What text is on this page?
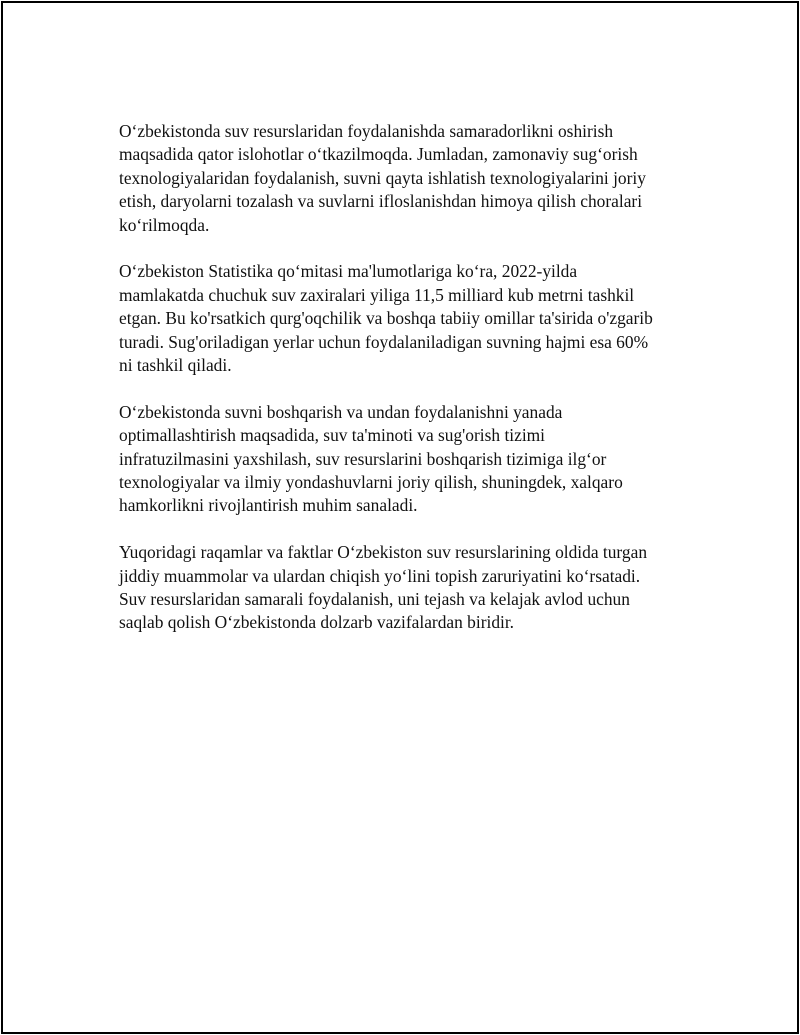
O‘zbekistonda suv resurslaridan foydalanishda samaradorlikni oshirish
maqsadida qator islohotlar o‘tkazilmoqda. Jumladan, zamonaviy sug‘orish
texnologiyalaridan foydalanish, suvni qayta ishlatish texnologiyalarini joriy
etish, daryolarni tozalash va suvlarni ifloslanishdan himoya qilish choralari
ko‘rilmoqda.

O‘zbekiston Statistika qo‘mitasi ma'lumotlariga ko‘ra, 2022-yilda
mamlakatda chuchuk suv zaxiralari yiliga 11,5 milliard kub metrni tashkil
etgan. Bu ko'rsatkich qurg'oqchilik va boshqa tabiiy omillar ta'sirida o'zgarib
turadi. Sug'oriladigan yerlar uchun foydalaniladigan suvning hajmi esa 60%
ni tashkil qiladi.

O‘zbekistonda suvni boshqarish va undan foydalanishni yanada
optimallashtirish maqsadida, suv ta'minoti va sug'orish tizimi
infratuzilmasini yaxshilash, suv resurslarini boshqarish tizimiga ilg‘or
texnologiyalar va ilmiy yondashuvlarni joriy qilish, shuningdek, xalqaro
hamkorlikni rivojlantirish muhim sanaladi.

Yuqoridagi raqamlar va faktlar O‘zbekiston suv resurslarining oldida turgan
jiddiy muammolar va ulardan chiqish yo‘lini topish zaruriyatini ko‘rsatadi.
Suv resurslaridan samarali foydalanish, uni tejash va kelajak avlod uchun
saqlab qolish O‘zbekistonda dolzarb vazifalardan biridir.
